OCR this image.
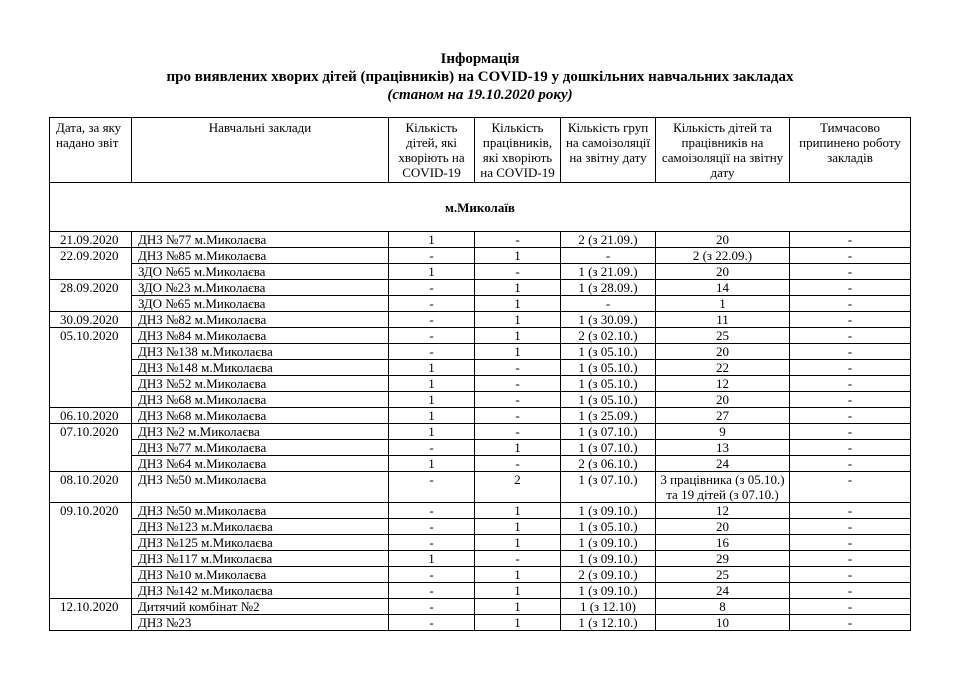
Інформація

про виявлених хворих дітей (працівників) на COVID-19 у дошкільних навчальних закладах

(станом на 19.10.2020 року)

Дата, за яку надано звіт	Навчальні заклади	Кількість дітей, які хворіють на COVID-19	Кількість працівників, які хворіють на COVID-19	Кількість груп на самоізоляції на звітну дату	Кількість дітей та працівників на самоізоляції на звітну дату	Тимчасово припинено роботу закладів
м.Миколаїв						
21.09.2020	ДНЗ №77 м.Миколаєва	1	-	2 (з 21.09.)	20	-
22.09.2020	ДНЗ №85 м.Миколаєва	-	1	-	2 (з 22.09.)	-
	ЗДО №65 м.Миколаєва	1	-	1 (з 21.09.)	20	-
28.09.2020	ЗДО №23 м.Миколаєва	-	1	1 (з 28.09.)	14	-
	ЗДО №65 м.Миколаєва	-	1	-	1	-
30.09.2020	ДНЗ №82 м.Миколаєва	-	1	1 (з 30.09.)	11	-
05.10.2020	ДНЗ №84 м.Миколаєва	-	1	2 (з 02.10.)	25	-
	ДНЗ №138 м.Миколаєва	-	1	1 (з 05.10.)	20	-
	ДНЗ №148 м.Миколаєва	1	-	1 (з 05.10.)	22	-
	ДНЗ №52 м.Миколаєва	1	-	1 (з 05.10.)	12	-
	ДНЗ №68 м.Миколаєва	1	-	1 (з 05.10.)	20	-
06.10.2020	ДНЗ №68 м.Миколаєва	1	-	1 (з 25.09.)	27	-
07.10.2020	ДНЗ №2 м.Миколаєва	1	-	1 (з 07.10.)	9	-
	ДНЗ №77 м.Миколаєва	-	1	1 (з 07.10.)	13	-
	ДНЗ №64 м.Миколаєва	1	-	2 (з 06.10.)	24	-
08.10.2020	ДНЗ №50 м.Миколаєва	-	2	1 (з 07.10.)	3 працівника (з 05.10.) та 19 дітей (з 07.10.)	-
09.10.2020	ДНЗ №50 м.Миколаєва	-	1	1 (з 09.10.)	12	-
	ДНЗ №123 м.Миколаєва	-	1	1 (з 05.10.)	20	-
	ДНЗ №125 м.Миколаєва	-	1	1 (з 09.10.)	16	-
	ДНЗ №117 м.Миколаєва	1	-	1 (з 09.10.)	29	-
	ДНЗ №10 м.Миколаєва	-	1	2 (з 09.10.)	25	-
	ДНЗ №142 м.Миколаєва	-	1	1 (з 09.10.)	24	-
12.10.2020	Дитячий комбінат №2	-	1	1 (з 12.10)	8	-
	ДНЗ №23	-	1	1 (з 12.10.)	10	-
